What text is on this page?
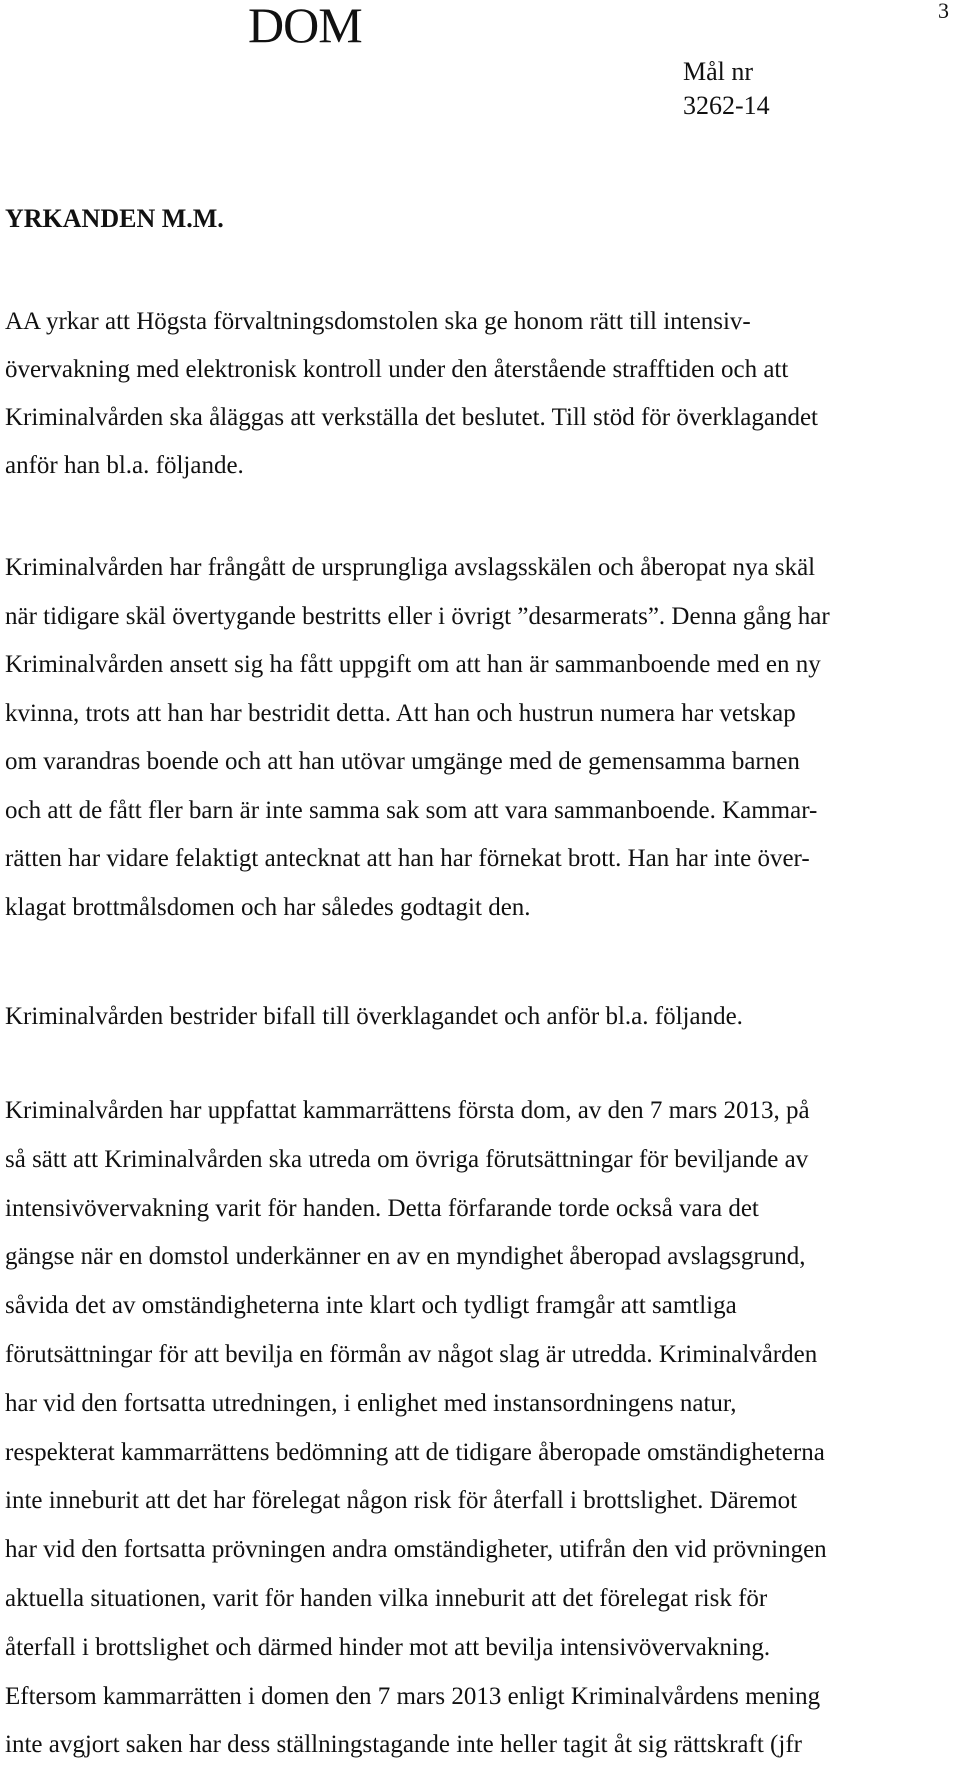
DOM	3
Mål nr
3262-14
YRKANDEN M.M.
AA yrkar att Högsta förvaltningsdomstolen ska ge honom rätt till intensiv-
övervakning med elektronisk kontroll under den återstående strafftiden och att
Kriminalvården ska åläggas att verkställa det beslutet. Till stöd för överklagandet
anför han bl.a. följande.
Kriminalvården har frångått de ursprungliga avslagsskälen och åberopat nya skäl
när tidigare skäl övertygande bestritts eller i övrigt ”desarmerats”. Denna gång har
Kriminalvården ansett sig ha fått uppgift om att han är sammanboende med en ny
kvinna, trots att han har bestridit detta. Att han och hustrun numera har vetskap
om varandras boende och att han utövar umgänge med de gemensamma barnen
och att de fått fler barn är inte samma sak som att vara sammanboende. Kammar-
rätten har vidare felaktigt antecknat att han har förnekat brott. Han har inte över-
klagat brottmålsdomen och har således godtagit den.
Kriminalvården bestrider bifall till överklagandet och anför bl.a. följande.
Kriminalvården har uppfattat kammarrättens första dom, av den 7 mars 2013, på
så sätt att Kriminalvården ska utreda om övriga förutsättningar för beviljande av
intensivövervakning varit för handen. Detta förfarande torde också vara det
gängse när en domstol underkänner en av en myndighet åberopad avslagsgrund,
såvida det av omständigheterna inte klart och tydligt framgår att samtliga
förutsättningar för att bevilja en förmån av något slag är utredda. Kriminalvården
har vid den fortsatta utredningen, i enlighet med instansordningens natur,
respekterat kammarrättens bedömning att de tidigare åberopade omständigheterna
inte inneburit att det har förelegat någon risk för återfall i brottslighet. Däremot
har vid den fortsatta prövningen andra omständigheter, utifrån den vid prövningen
aktuella situationen, varit för handen vilka inneburit att det förelegat risk för
återfall i brottslighet och därmed hinder mot att bevilja intensivövervakning.
Eftersom kammarrätten i domen den 7 mars 2013 enligt Kriminalvårdens mening
inte avgjort saken har dess ställningstagande inte heller tagit åt sig rättskraft (jfr
